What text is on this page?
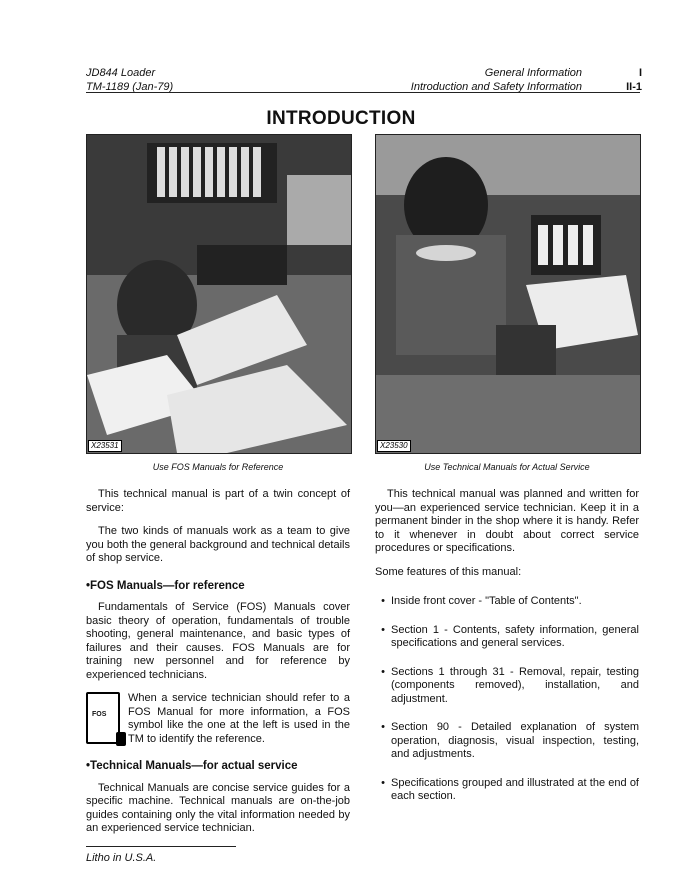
JD844 Loader
TM-1189 (Jan-79)
General Information
Introduction and Safety Information
I
II-1
INTRODUCTION
X23531
Use FOS Manuals for Reference
X23530
Use Technical Manuals for Actual Service

This technical manual is part of a twin concept of service:

The two kinds of manuals work as a team to give you both the general background and technical details of shop service.

•FOS Manuals—for reference

Fundamentals of Service (FOS) Manuals cover basic theory of operation, fundamentals of trouble shooting, general maintenance, and basic types of failures and their causes. FOS Manuals are for training new personnel and for reference by experienced technicians.

FOS

When a service technician should refer to a FOS Manual for more information, a FOS symbol like the one at the left is used in the TM to identify the reference.

•Technical Manuals—for actual service

Technical Manuals are concise service guides for a specific machine. Technical manuals are on-the-job guides containing only the vital information needed by an experienced service technician.

This technical manual was planned and written for you—an experienced service technician. Keep it in a permanent binder in the shop where it is handy. Refer to it whenever in doubt about correct service procedures or specifications.

Some features of this manual:

• Inside front cover - "Table of Contents".
• Section 1 - Contents, safety information, general specifications and general services.
• Sections 1 through 31 - Removal, repair, testing (components removed), installation, and adjustment.
• Section 90 - Detailed explanation of system operation, diagnosis, visual inspection, testing, and adjustments.
• Specifications grouped and illustrated at the end of each section.
Litho in U.S.A.
